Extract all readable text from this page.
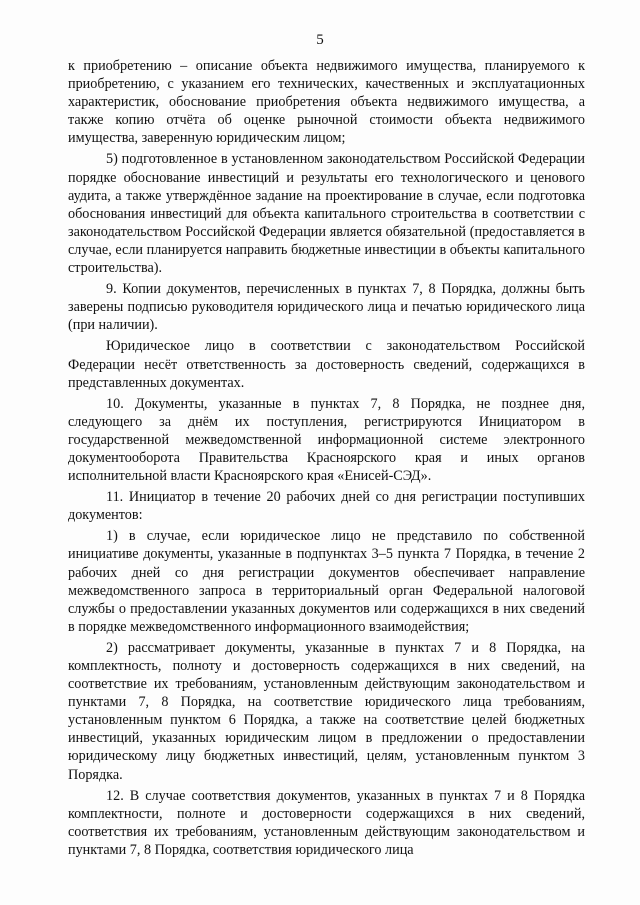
5

к приобретению – описание объекта недвижимого имущества, планируемого к приобретению, с указанием его технических, качественных и эксплуатационных характеристик, обоснование приобретения объекта недвижимого имущества, а также копию отчёта об оценке рыночной стоимости объекта недвижимого имущества, заверенную юридическим лицом;

5) подготовленное в установленном законодательством Российской Федерации порядке обоснование инвестиций и результаты его технологического и ценового аудита, а также утверждённое задание на проектирование в случае, если подготовка обоснования инвестиций для объекта капитального строительства в соответствии с законодательством Российской Федерации является обязательной (предоставляется в случае, если планируется направить бюджетные инвестиции в объекты капитального строительства).

9. Копии документов, перечисленных в пунктах 7, 8 Порядка, должны быть заверены подписью руководителя юридического лица и печатью юридического лица (при наличии).

Юридическое лицо в соответствии с законодательством Российской Федерации несёт ответственность за достоверность сведений, содержащихся в представленных документах.

10. Документы, указанные в пунктах 7, 8 Порядка, не позднее дня, следующего за днём их поступления, регистрируются Инициатором в государственной межведомственной информационной системе электронного документооборота Правительства Красноярского края и иных органов исполнительной власти Красноярского края «Енисей-СЭД».

11. Инициатор в течение 20 рабочих дней со дня регистрации поступивших документов:

1) в случае, если юридическое лицо не представило по собственной инициативе документы, указанные в подпунктах 3–5 пункта 7 Порядка, в течение 2 рабочих дней со дня регистрации документов обеспечивает направление межведомственного запроса в территориальный орган Федеральной налоговой службы о предоставлении указанных документов или содержащихся в них сведений в порядке межведомственного информационного взаимодействия;

2) рассматривает документы, указанные в пунктах 7 и 8 Порядка, на комплектность, полноту и достоверность содержащихся в них сведений, на соответствие их требованиям, установленным действующим законодательством и пунктами 7, 8 Порядка, на соответствие юридического лица требованиям, установленным пунктом 6 Порядка, а также на соответствие целей бюджетных инвестиций, указанных юридическим лицом в предложении о предоставлении юридическому лицу бюджетных инвестиций, целям, установленным пунктом 3 Порядка.

12. В случае соответствия документов, указанных в пунктах 7 и 8 Порядка комплектности, полноте и достоверности содержащихся в них сведений, соответствия их требованиям, установленным действующим законодательством и пунктами 7, 8 Порядка, соответствия юридического лица
